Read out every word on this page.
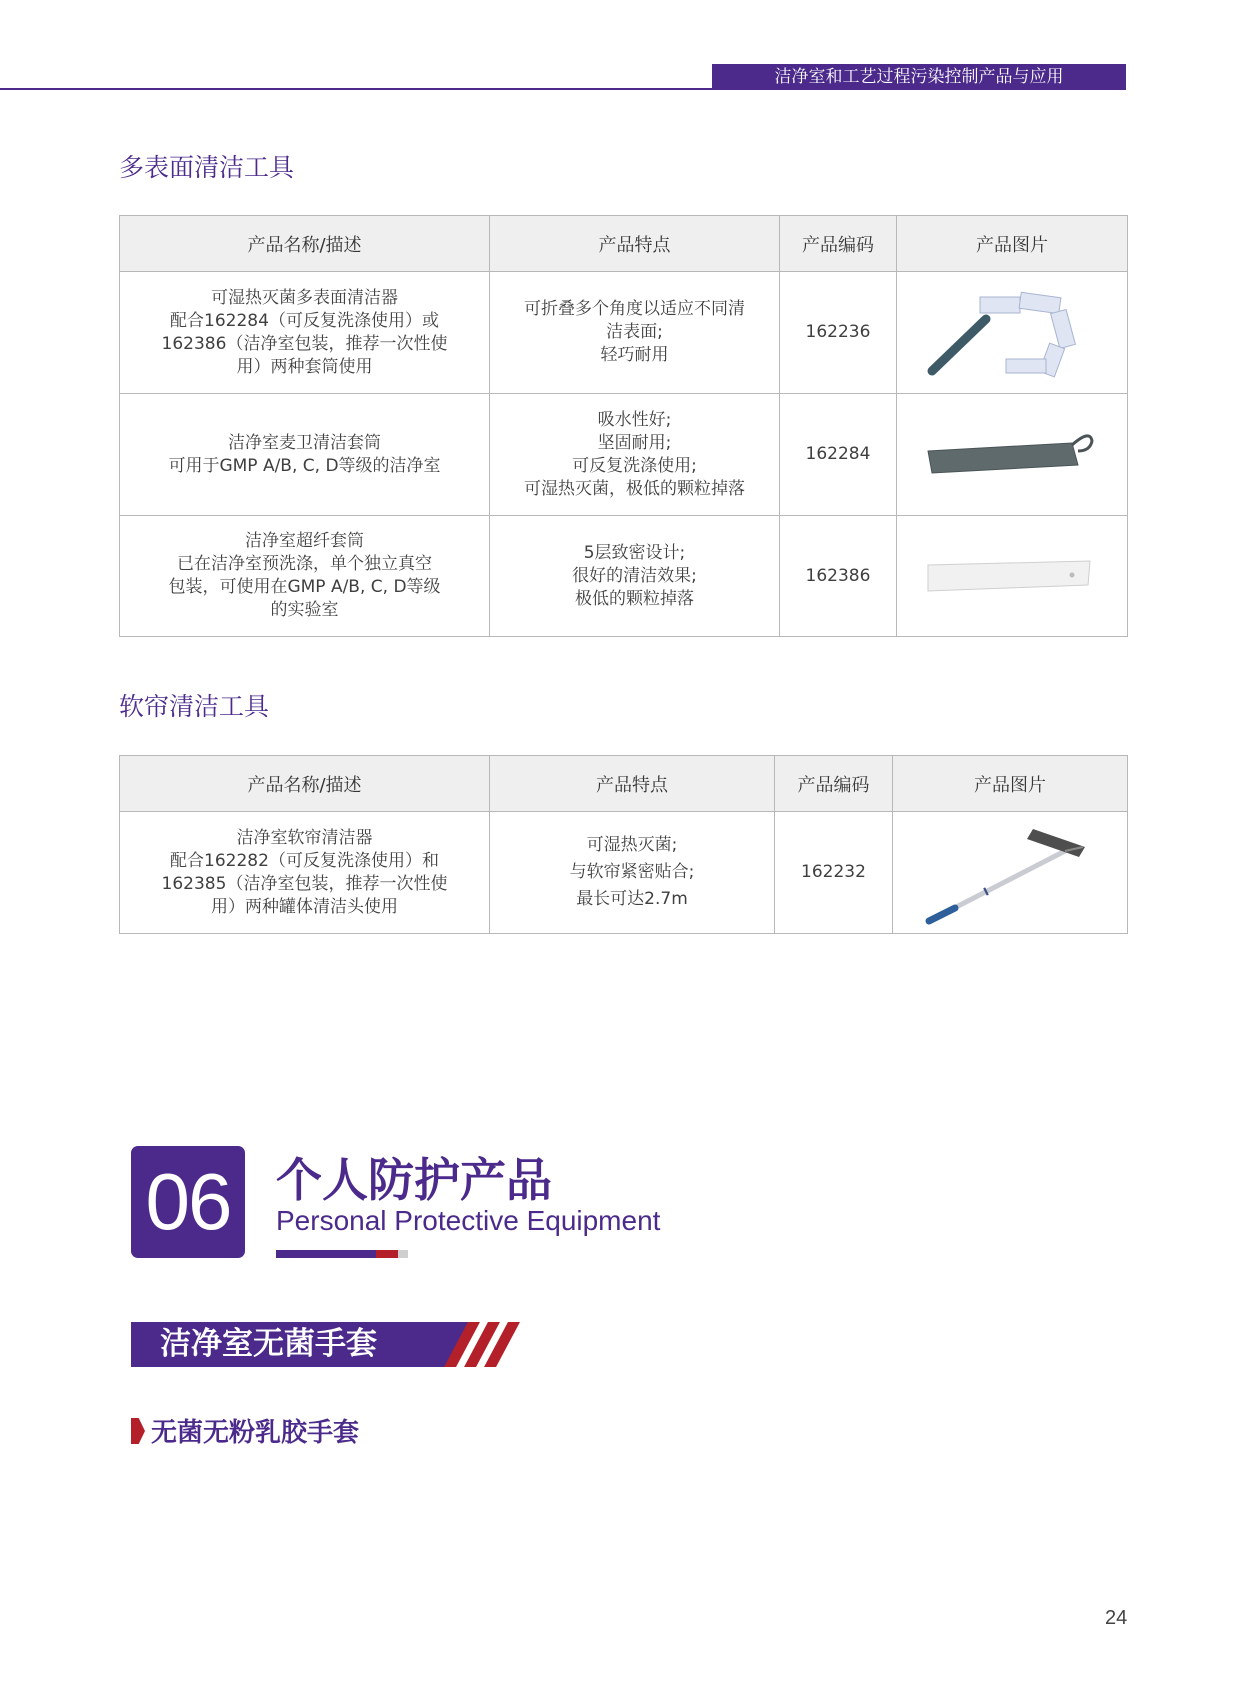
洁净室和工艺过程污染控制产品与应用
多表面清洁工具
产品名称/描述	产品特点	产品编码	产品图片

可湿热灭菌多表面清洁器
配合162284（可反复洗涤使用）或
162386（洁净室包装，推荐一次性使
用）两种套筒使用	可折叠多个角度以适应不同清
洁表面;
轻巧耐用	162236	

洁净室麦卫清洁套筒
可用于GMP A/B, C, D等级的洁净室	吸水性好;
坚固耐用;
可反复洗涤使用;
可湿热灭菌，极低的颗粒掉落	162284	

洁净室超纤套筒
已在洁净室预洗涤，单个独立真空
包装，可使用在GMP A/B, C, D等级
的实验室	5层致密设计;
很好的清洁效果;
极低的颗粒掉落	162386	
软帘清洁工具
产品名称/描述	产品特点	产品编码	产品图片

洁净室软帘清洁器
配合162282（可反复洗涤使用）和
162385（洁净室包装，推荐一次性使
用）两种罐体清洁头使用	可湿热灭菌;
与软帘紧密贴合;
最长可达2.7m	162232	
06 个人防护产品
Personal Protective Equipment
洁净室无菌手套
无菌无粉乳胶手套
24
